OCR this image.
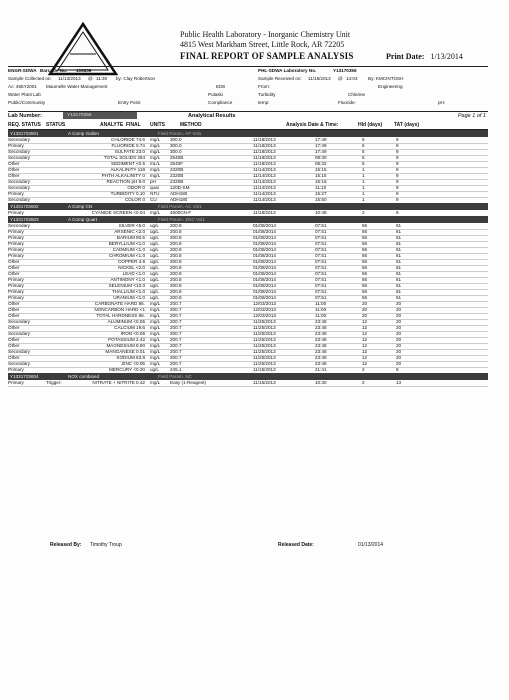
Public Health Laboratory - Inorganic Chemistry Unit
4815 West Markham Street, Little Rock, AR 72205
FINAL REPORT OF SAMPLE ANALYSIS	Print Date: 1/13/2014
ENGR-SDWA Barcode No. 106639	PHL-SDWA Laboratory No.	Y13170356
Sample Collected on: 11/13/2013 @ 11:30 by: Clay Robertson	Sample Received on: 11/15/2013 @ 14:03 By: KMCINTOSH
Ac: 465Y2001 Maumelle Water Management	ED8	From:	Engineering
Water Plant Lab	Pulaski	Turbidity	Chlorine
Public/Community	Entry Point	Compliance	temp:	Fluoride:	pH:
Lab Number:	Y13170356	Analytical Results	Page 1 of 1
REQ. STATUS STATUS	ANALYTE FINAL UNITS	METHOD	Analysis Date & Time:	Hld (days) TAT (days)
Y1331703601	A Comp Gallon	Field Param. AP Vol1
Secondary	CHLORIDE 74.6 mg/L 300.0	11/18/2013	17:49	5	9
Primary	FLUORIDE 0.74 mg/L 300.0	11/18/2013	17:49	5	9
Secondary	SULFATE 23.0 mg/L 300.0	11/18/2013	17:49	5	9
Secondary	TOTAL SOLIDS 284 mg/L 2540B	11/18/2013	08:30	5	9
Other	SEDIMENT <0.5 mL/L 2540F	11/18/2013	08:32	5	9
Other	ALKALINITY 118 mg/L 2320B	11/14/2013	15:15	1	9
Other	PHTH ALKALINITY 0 mg/L 2320B	11/14/2013	15:15	1	9
Secondary	REACTION pH 8.0 pH	2320B	11/14/2013	15:15	1	9
Secondary	ODOR 0 qual 120D-SM	11/14/2013	11:10	1	9
Primary	TURBIDITY 0.10 NTU ADH180	11/14/2013	15:27	1	9
Secondary	COLOR 0 CU	ADH180	11/14/2013	15:50	1	9
Y1331703602	A Comp CN	Field Param. AC Vol1
Primary	CYANIDE SCREEN <0.04 mg/L 4500CN-F	11/18/2013	10:48	2	9
Y1331703603	A Comp Quart	Field Param. ZNC Vol1
Secondary	SILVER <5.0 ug/L 200.8	01/08/2014	07:51	56	61
Primary	ARSENIC <2.0 ug/L 200.8	01/08/2014	07:51	56	61
Primary	BARIUM 90.5 ug/L 200.8	01/08/2014	07:51	56	61
Primary	BERYLLIUM <1.0 ug/L 200.8	01/08/2014	07:51	56	61
Primary	CADMIUM <1.0 ug/L 200.8	01/08/2014	07:51	56	61
Primary	CHROMIUM <1.0 ug/L 200.8	01/08/2014	07:51	56	61
Other	COPPER 4.6 ug/L 200.8	01/08/2014	07:51	56	61
Other	NICKEL <2.0 ug/L 200.8	01/08/2014	07:51	56	61
Other	LEAD <1.0 ug/L 200.8	01/08/2014	07:51	56	61
Primary	ANTIMONY <1.0 ug/L 200.8	01/08/2014	07:51	56	61
Primary	SELENIUM <10.0 ug/L 200.8	01/08/2014	07:51	56	61
Primary	THALLIUM <1.0 ug/L 200.8	01/08/2014	07:51	56	61
Primary	URANIUM <1.0 ug/L 200.8	01/08/2014	07:51	56	61
Other	CARBONATE HARD 86. mg/L 200.7	12/03/2013	11:00	20	20
Other	NONCARBON HARD <1 mg/L 200.7	12/03/2013	11:00	20	20
Other	TOTAL HARDNESS 86. mg/L 200.7	12/03/2013	11:00	20	20
Secondary	ALUMINUM <0.05 mg/L 200.7	11/25/2013	23:48	12	20
Other	CALCIUM 19.6 mg/L 200.7	11/25/2013	23:48	12	20
Secondary	IRON <0.05 mg/L 200.7	11/25/2013	23:48	12	20
Other	POTASSIUM 2.42 mg/L 200.7	11/25/2013	23:48	12	20
Other	MAGNESIUM 8.90 mg/L 200.7	11/25/2013	23:48	12	20
Secondary	MANGANESE 0.01 mg/L 200.7	11/25/2013	23:48	12	20
Other	SODIUM 63.6 mg/L 200.7	11/25/2013	23:48	12	20
Secondary	ZINC <0.05 mg/L 200.7	11/25/2013	23:48	12	20
Primary	MERCURY <0.20 ug/L 245.1	11/15/2013	21:41	2	8
Y1331703604	NOX combined	Field Param. NC
Primary	Trigger:	NITRATE + NITRITE 0.42 mg/L Easy (1-Reagent)	11/15/2013	10:30	2	13
Released By: Timothy Troup	Released Date:	01/13/2014
